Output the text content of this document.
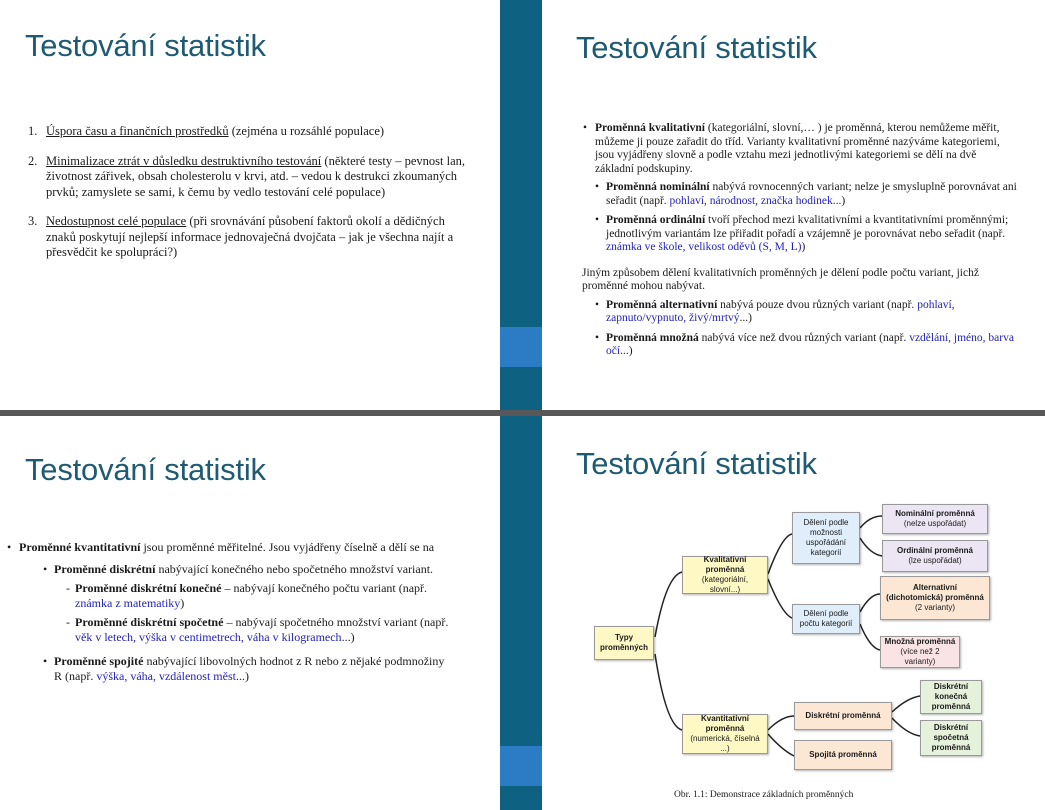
Testování statistik
1. Úspora času a finančních prostředků (zejména u rozsáhlé populace)
2. Minimalizace ztrát v důsledku destruktivního testování (některé testy – pevnost lan, životnost zářivek, obsah cholesterolu v krvi, atd. – vedou k destrukci zkoumaných prvků; zamyslete se sami, k čemu by vedlo testování celé populace)
3. Nedostupnost celé populace (při srovnávání působení faktorů okolí a dědičných znaků poskytují nejlepší informace jednovaječná dvojčata – jak je všechna najít a přesvědčit ke spolupráci?)
Testování statistik
• Proměnná kvalitativní (kategoriální, slovní,… ) je proměnná, kterou nemůžeme měřit, můžeme ji pouze zařadit do tříd. Varianty kvalitativní proměnné nazýváme kategoriemi, jsou vyjádřeny slovně a podle vztahu mezi jednotlivými kategoriemi se dělí na dvě základní podskupiny.
• Proměnná nominální nabývá rovnocenných variant; nelze je smysluplně porovnávat ani seřadit (např. pohlaví, národnost, značka hodinek...)
• Proměnná ordinální tvoří přechod mezi kvalitativními a kvantitativními proměnnými; jednotlivým variantám lze přiřadit pořadí a vzájemně je porovnávat nebo seřadit (např. známka ve škole, velikost oděvů (S, M, L))
Jiným způsobem dělení kvalitativních proměnných je dělení podle počtu variant, jichž proměnné mohou nabývat.
• Proměnná alternativní nabývá pouze dvou různých variant (např. pohlaví, zapnuto/vypnuto, živý/mrtvý...)
• Proměnná množná nabývá více než dvou různých variant (např. vzdělání, jméno, barva očí...)
Testování statistik
• Proměnné kvantitativní jsou proměnné měřitelné. Jsou vyjádřeny číselně a dělí se na
• Proměnné diskrétní nabývající konečného nebo spočetného množství variant.
- Proměnné diskrétní konečné – nabývají konečného počtu variant (např. známka z matematiky)
- Proměnné diskrétní spočetné – nabývají spočetného množství variant (např. věk v letech, výška v centimetrech, váha v kilogramech...)
• Proměnné spojité nabývající libovolných hodnot z R nebo z nějaké podmnožiny R (např. výška, váha, vzdálenost měst...)
Testování statistik
Typy proměnných
Kvalitativní proměnná
(kategoriální, slovní...)
Kvantitativní proměnná
(numerická, číselná ...)
Dělení podle možnosti uspořádání kategorií
Dělení podle počtu kategorií
Nominální proměnná
(nelze uspořádat)
Ordinální proměnná
(lze uspořádat)
Alternativní (dichotomická) proměnná
(2 varianty)
Množná proměnná
(více než 2 varianty)
Diskrétní proměnná
Spojitá proměnná
Diskrétní konečná proměnná
Diskrétní spočetná proměnná
Obr. 1.1: Demonstrace základních proměnných
